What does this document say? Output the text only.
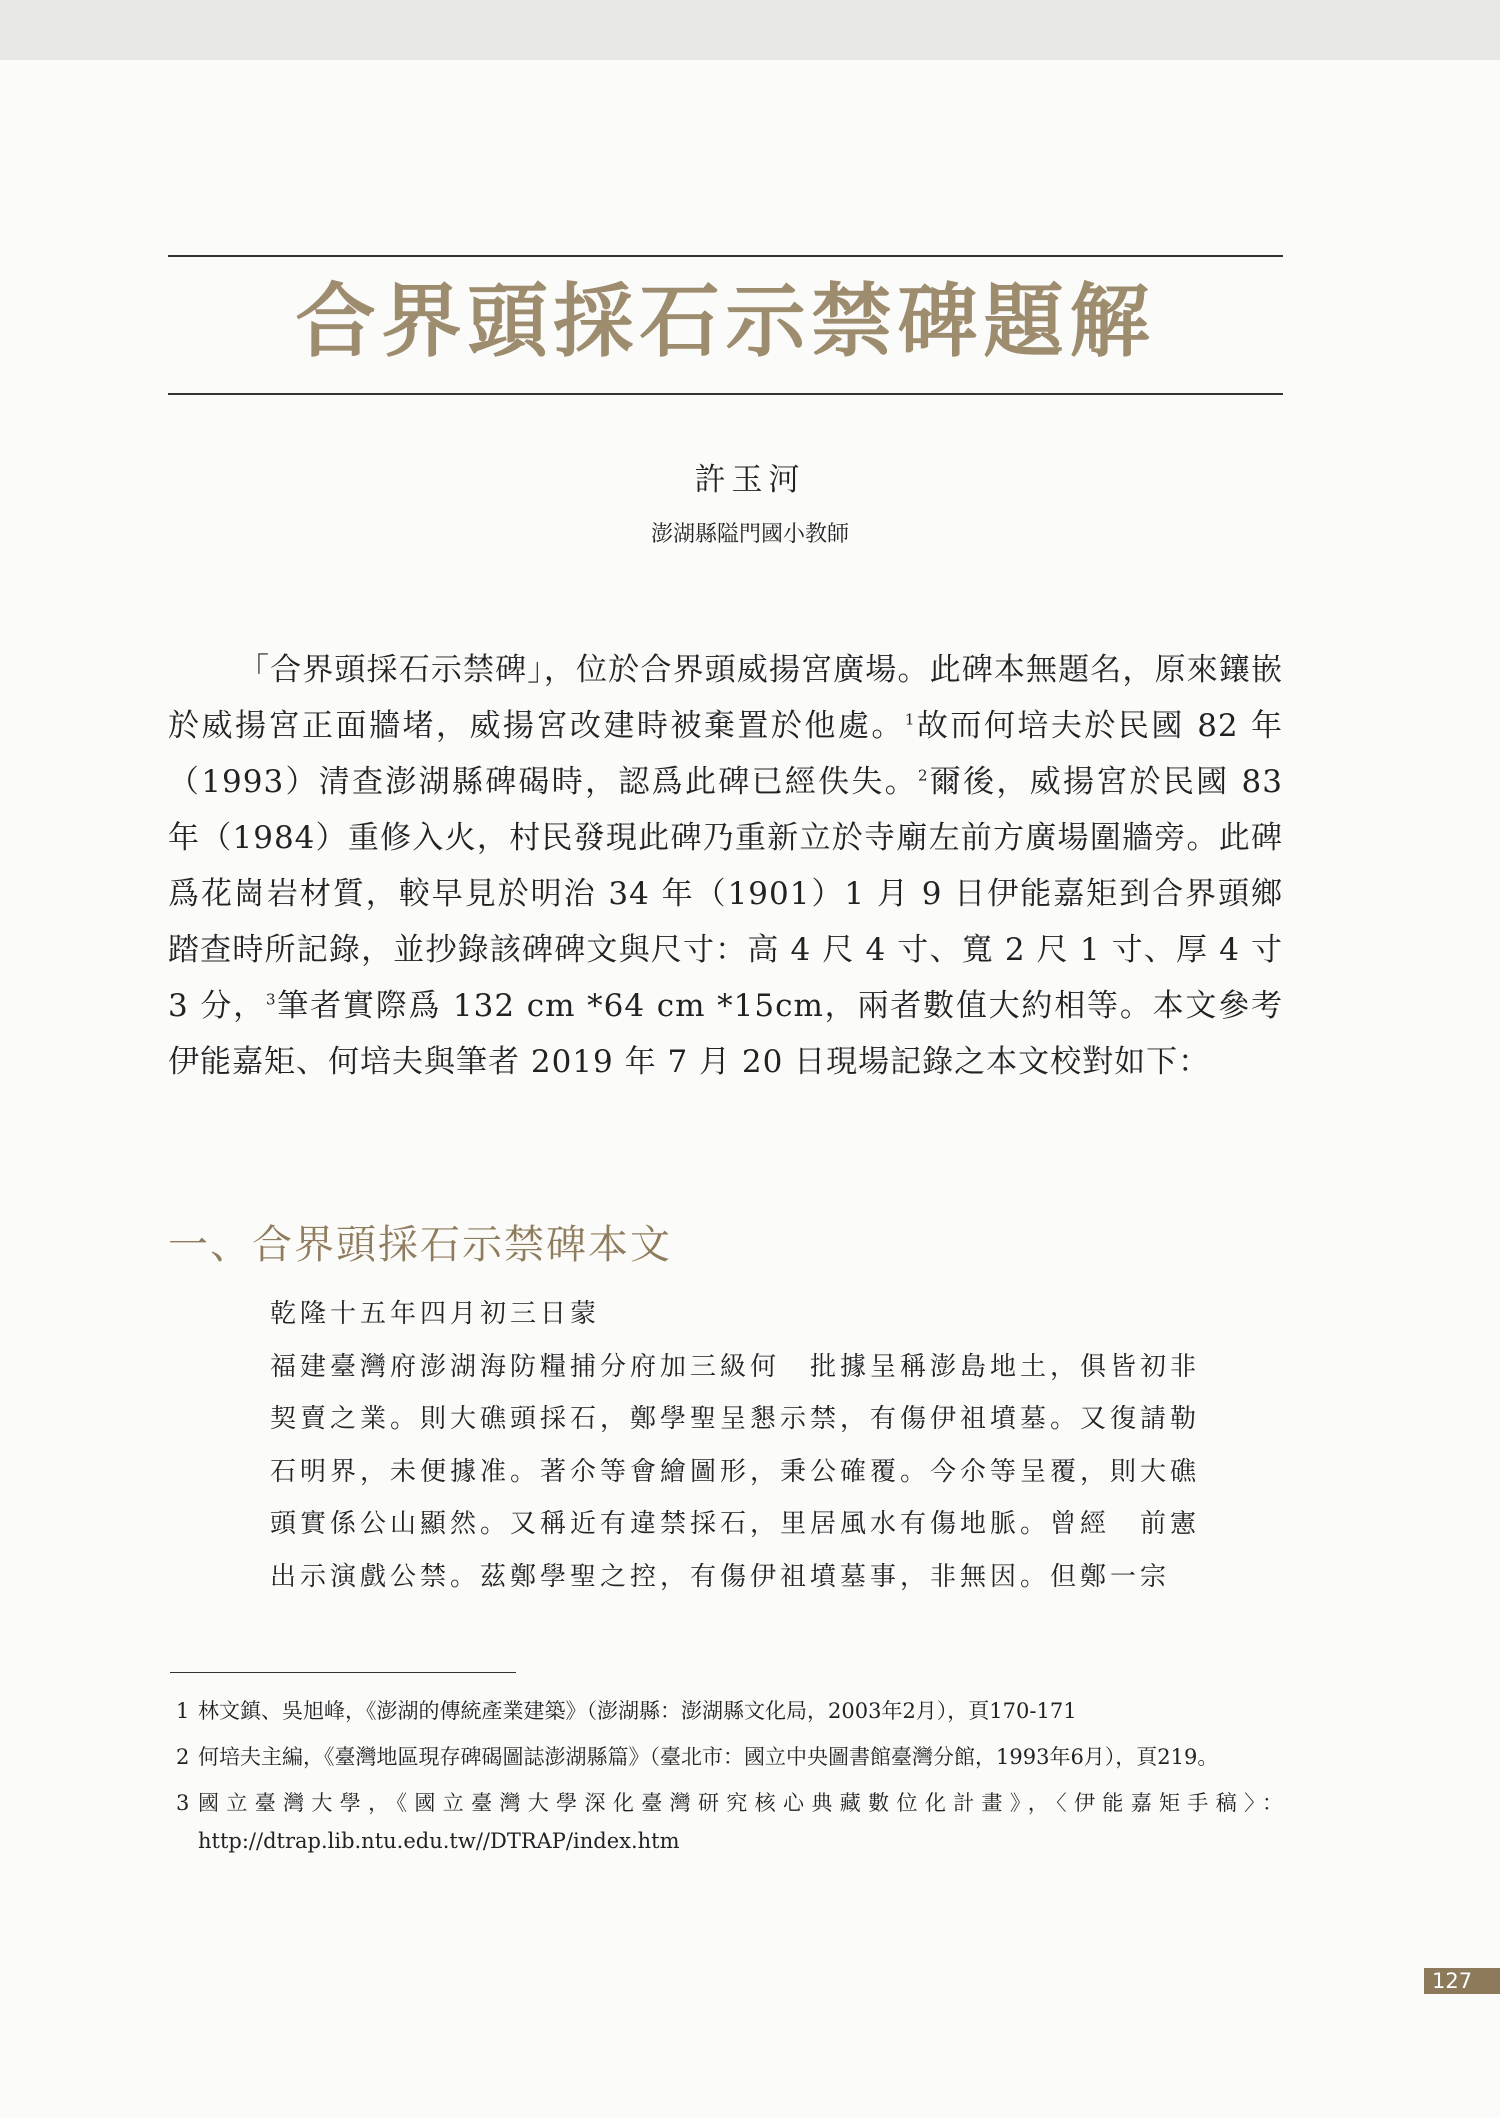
合界頭採石示禁碑題解
許玉河
澎湖縣隘門國小教師

「合界頭採石示禁碑」，位於合界頭威揚宮廣場。此碑本無題名，原來鑲嵌於威揚宮正面牆堵，威揚宮改建時被棄置於他處。$^1$故而何培夫於民國 82 年（1993）清查澎湖縣碑碣時，認爲此碑已經佚失。$^2$爾後，威揚宮於民國 83 年（1984）重修入火，村民發現此碑乃重新立於寺廟左前方廣場圍牆旁。此碑爲花崗岩材質，較早見於明治 34 年（1901）1 月 9 日伊能嘉矩到合界頭鄉踏查時所記錄，並抄錄該碑碑文與尺寸：高 4 尺 4 寸、寬 2 尺 1 寸、厚 4 寸 3 分，$^3$筆者實際爲 132 cm *64 cm *15cm，兩者數值大約相等。本文參考伊能嘉矩、何培夫與筆者 2019 年 7 月 20 日現場記錄之本文校對如下：

一、合界頭採石示禁碑本文

乾隆十五年四月初三日蒙

福建臺灣府澎湖海防糧捕分府加三級何　批據呈稱澎島地土，俱皆初非

契賣之業。則大礁頭採石，鄭學聖呈懇示禁，有傷伊祖墳墓。又復請勒

石明界，未便據准。著尒等會繪圖形，秉公確覆。今尒等呈覆，則大礁

頭實係公山顯然。又稱近有違禁採石，里居風水有傷地脈。曾經　前憲

出示演戲公禁。茲鄭學聖之控，有傷伊祖墳墓事，非無因。但鄭一宗

1 林文鎮、吳旭峰，《澎湖的傳統產業建築》（澎湖縣：澎湖縣文化局，2003年2月），頁170-171
2 何培夫主編，《臺灣地區現存碑碣圖誌澎湖縣篇》（臺北市：國立中央圖書館臺灣分館，1993年6月），頁219。
3 國立臺灣大學，《國立臺灣大學深化臺灣研究核心典藏數位化計畫》，〈伊能嘉矩手稿〉：http://dtrap.lib.ntu.edu.tw//DTRAP/index.htm
127
